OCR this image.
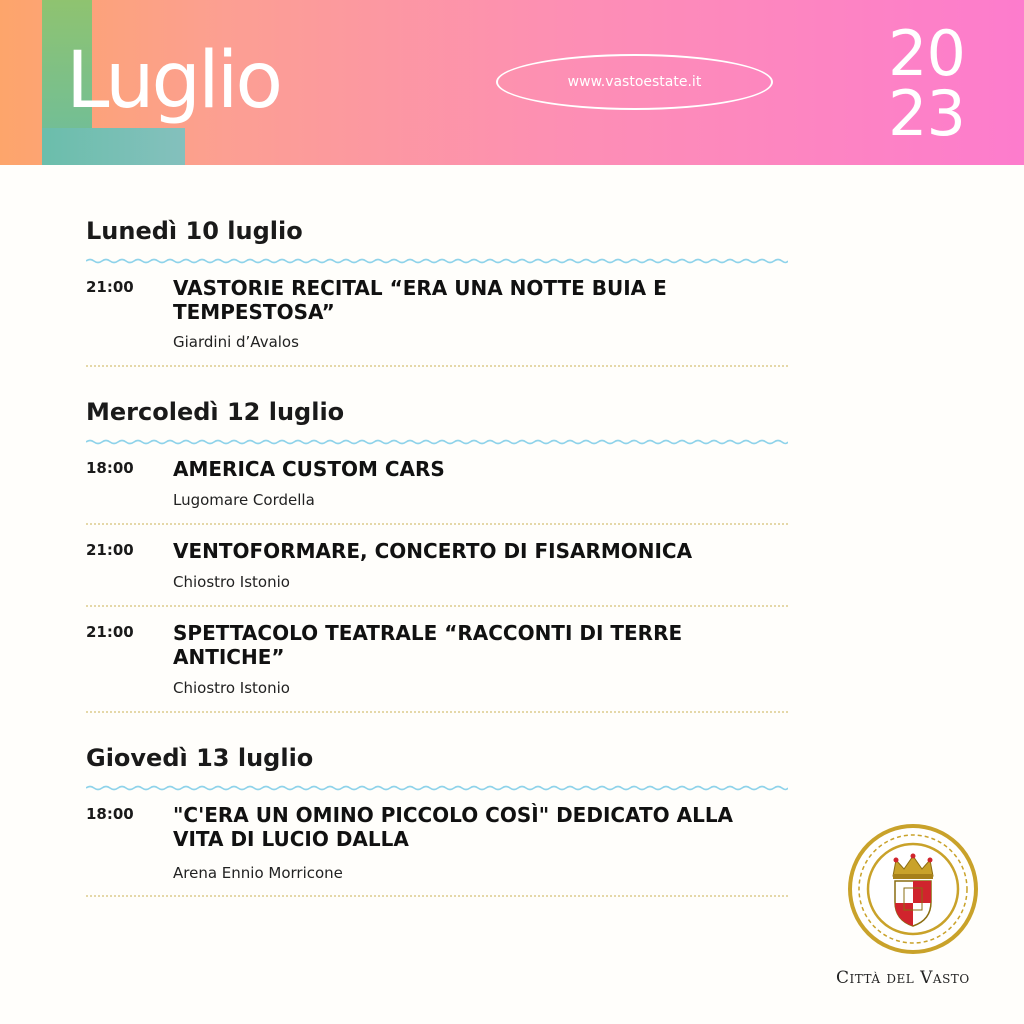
Luglio	www.vastoestate.it	20
23
Lunedì 10 luglio
21:00 VASTORIE RECITAL “ERA UNA NOTTE BUIA E TEMPESTOSA”
Giardini d’Avalos
Mercoledì 12 luglio
18:00 AMERICA CUSTOM CARS
Lugomare Cordella
21:00 VENTOFORMARE, CONCERTO DI FISARMONICA
Chiostro Istonio
21:00 SPETTACOLO TEATRALE “RACCONTI DI TERRE ANTICHE”
Chiostro Istonio
Giovedì 13 luglio
18:00 "C'ERA UN OMINO PICCOLO COSÌ" DEDICATO ALLA VITA DI LUCIO DALLA
Arena Ennio Morricone
Città del Vasto
